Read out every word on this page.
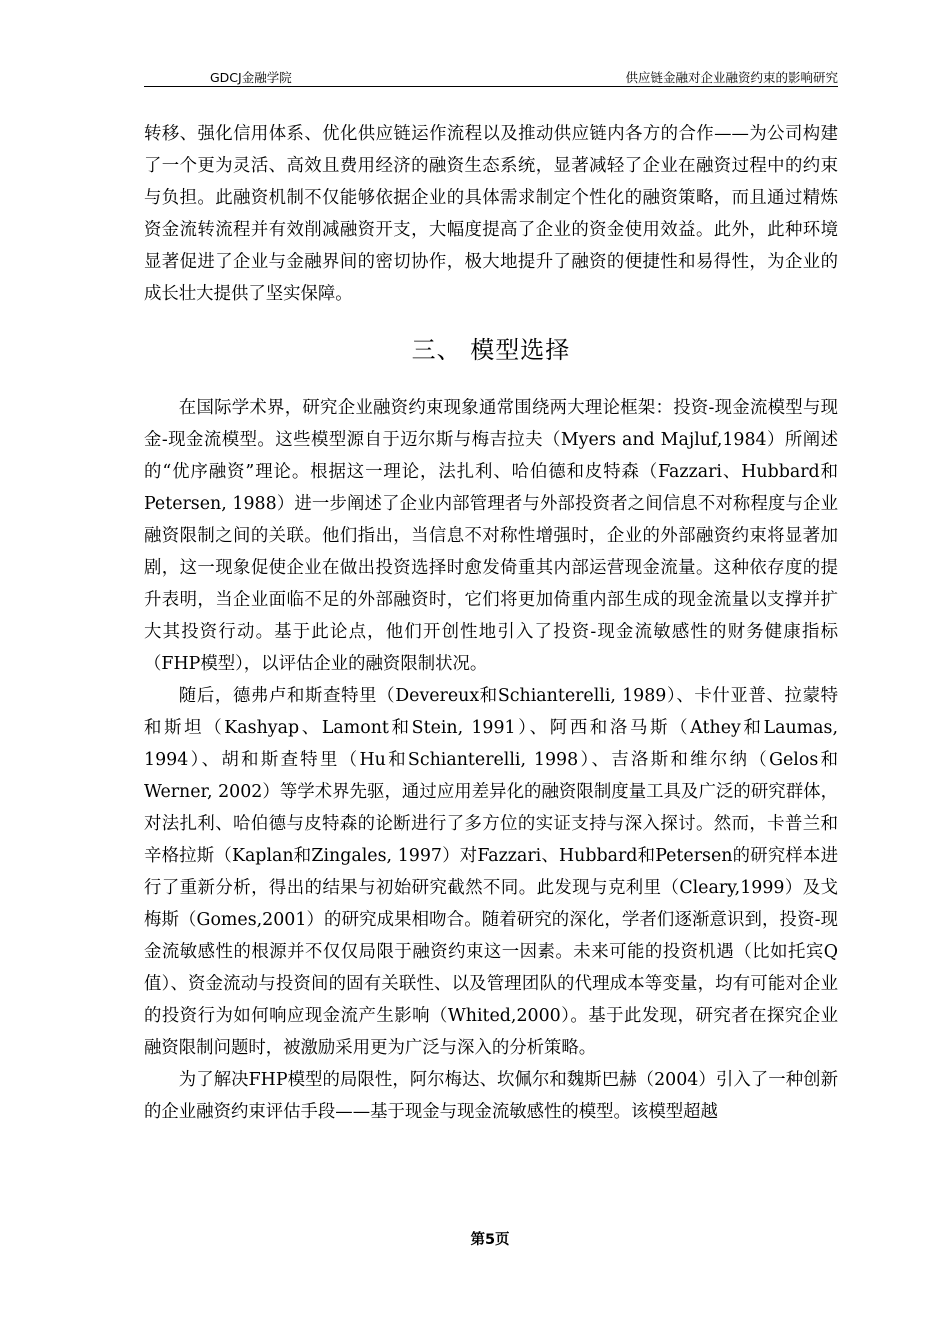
GDCJ金融学院	供应链金融对企业融资约束的影响研究

转移、强化信用体系、优化供应链运作流程以及推动供应链内各方的合作——为公司构建了一个更为灵活、高效且费用经济的融资生态系统，显著减轻了企业在融资过程中的约束与负担。此融资机制不仅能够依据企业的具体需求制定个性化的融资策略，而且通过精炼资金流转流程并有效削减融资开支，大幅度提高了企业的资金使用效益。此外，此种环境显著促进了企业与金融界间的密切协作，极大地提升了融资的便捷性和易得性，为企业的成长壮大提供了坚实保障。

三、 模型选择

在国际学术界，研究企业融资约束现象通常围绕两大理论框架：投资-现金流模型与现金-现金流模型。这些模型源自于迈尔斯与梅吉拉夫（Myers and Majluf,1984）所阐述的“优序融资”理论。根据这一理论，法扎利、哈伯德和皮特森（Fazzari、Hubbard和Petersen, 1988）进一步阐述了企业内部管理者与外部投资者之间信息不对称程度与企业融资限制之间的关联。他们指出，当信息不对称性增强时，企业的外部融资约束将显著加剧，这一现象促使企业在做出投资选择时愈发倚重其内部运营现金流量。这种依存度的提升表明，当企业面临不足的外部融资时，它们将更加倚重内部生成的现金流量以支撑并扩大其投资行动。基于此论点，他们开创性地引入了投资-现金流敏感性的财务健康指标（FHP模型），以评估企业的融资限制状况。

随后，德弗卢和斯查特里（Devereux和Schianterelli, 1989）、卡什亚普、拉蒙特和斯坦（Kashyap、Lamont和Stein, 1991）、阿西和洛马斯（Athey和Laumas, 1994）、胡和斯查特里（Hu和Schianterelli, 1998）、吉洛斯和维尔纳（Gelos和Werner, 2002）等学术界先驱，通过应用差异化的融资限制度量工具及广泛的研究群体，对法扎利、哈伯德与皮特森的论断进行了多方位的实证支持与深入探讨。然而，卡普兰和辛格拉斯（Kaplan和Zingales, 1997）对Fazzari、Hubbard和Petersen的研究样本进行了重新分析，得出的结果与初始研究截然不同。此发现与克利里（Cleary,1999）及戈梅斯（Gomes,2001）的研究成果相吻合。随着研究的深化，学者们逐渐意识到，投资-现金流敏感性的根源并不仅仅局限于融资约束这一因素。未来可能的投资机遇（比如托宾Q值）、资金流动与投资间的固有关联性、以及管理团队的代理成本等变量，均有可能对企业的投资行为如何响应现金流产生影响（Whited,2000）。基于此发现，研究者在探究企业融资限制问题时，被激励采用更为广泛与深入的分析策略。

为了解决FHP模型的局限性，阿尔梅达、坎佩尔和魏斯巴赫（2004）引入了一种创新的企业融资约束评估手段——基于现金与现金流敏感性的模型。该模型超越

第5页
